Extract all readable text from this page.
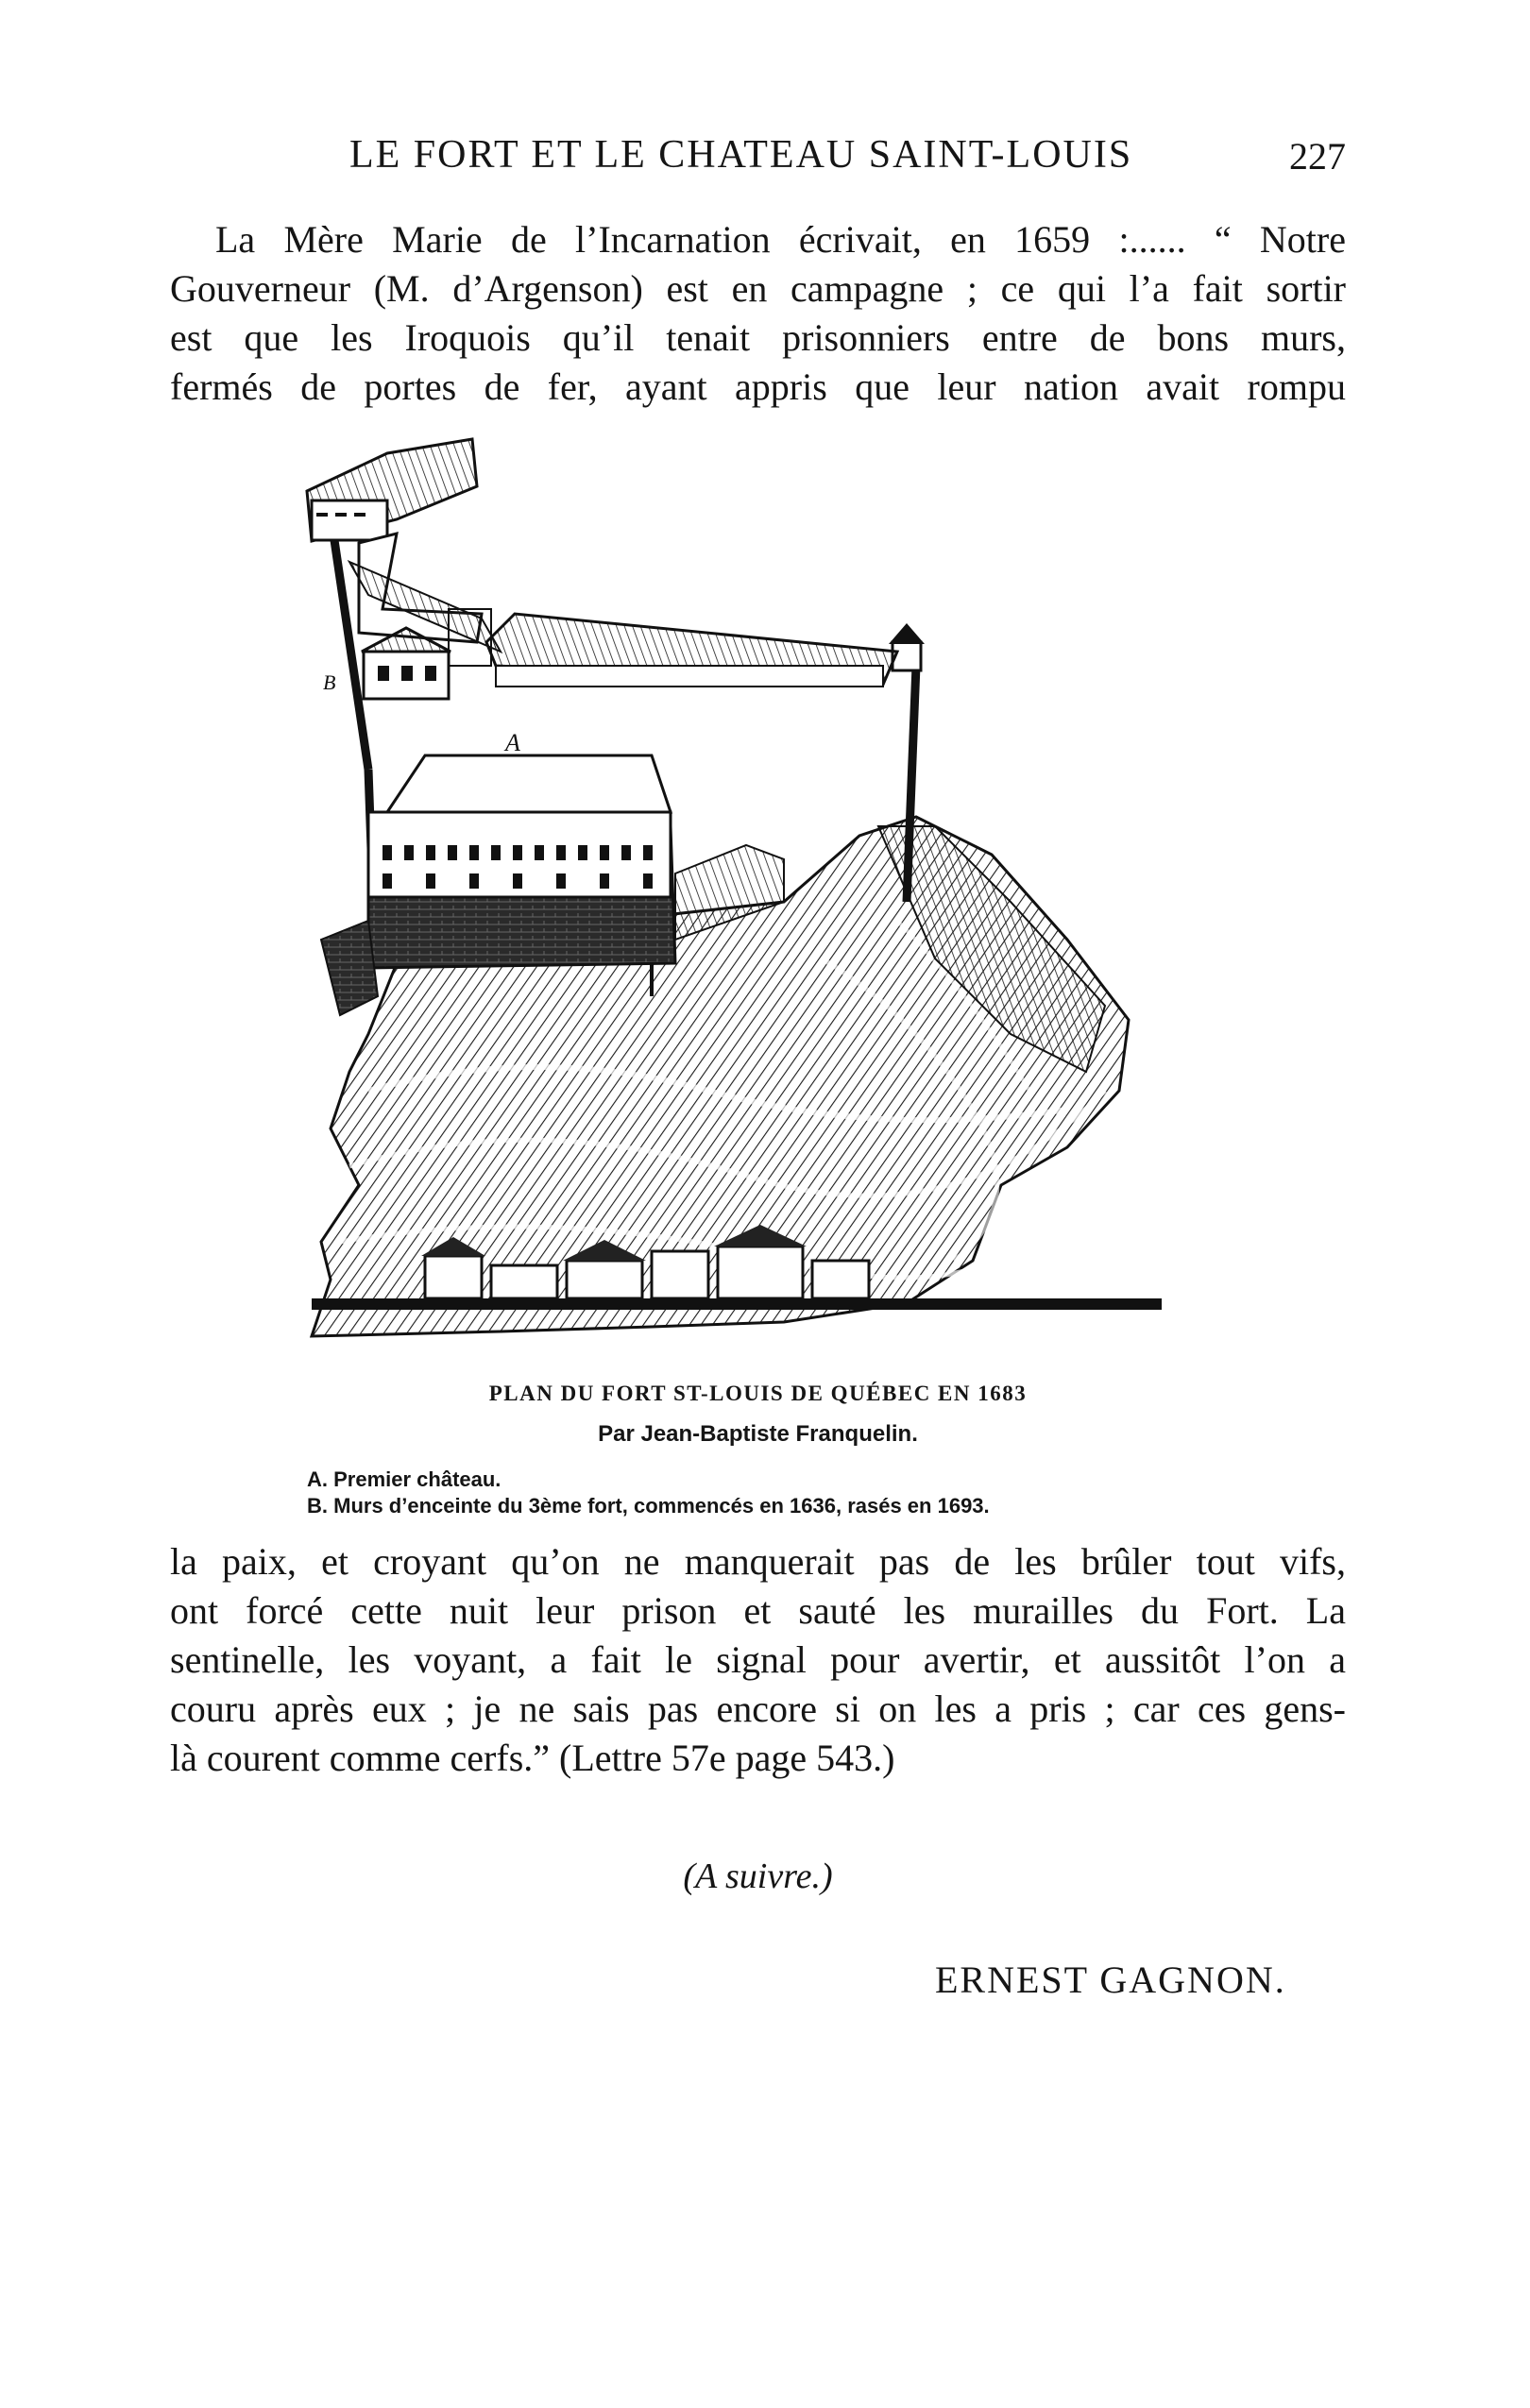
LE FORT ET LE CHATEAU SAINT-LOUIS	227
La Mère Marie de l’Incarnation écrivait, en 1659 :...... “ Notre
Gouverneur (M. d’Argenson) est en campagne ; ce qui l’a fait sortir
est que les Iroquois qu’il tenait prisonniers entre de bons murs,
fermés de portes de fer, ayant appris que leur nation avait rompu
A
B
PLAN DU FORT ST-LOUIS DE QUÉBEC EN 1683
Par Jean-Baptiste Franquelin.
A. Premier château.
B. Murs d’enceinte du 3ème fort, commencés en 1636, rasés en 1693.
la paix, et croyant qu’on ne manquerait pas de les brûler tout vifs,
ont forcé cette nuit leur prison et sauté les murailles du Fort. La
sentinelle, les voyant, a fait le signal pour avertir, et aussitôt l’on a
couru après eux ; je ne sais pas encore si on les a pris ; car ces gens-
là courent comme cerfs.” (Lettre 57e page 543.)
(A suivre.)
ERNEST GAGNON.
